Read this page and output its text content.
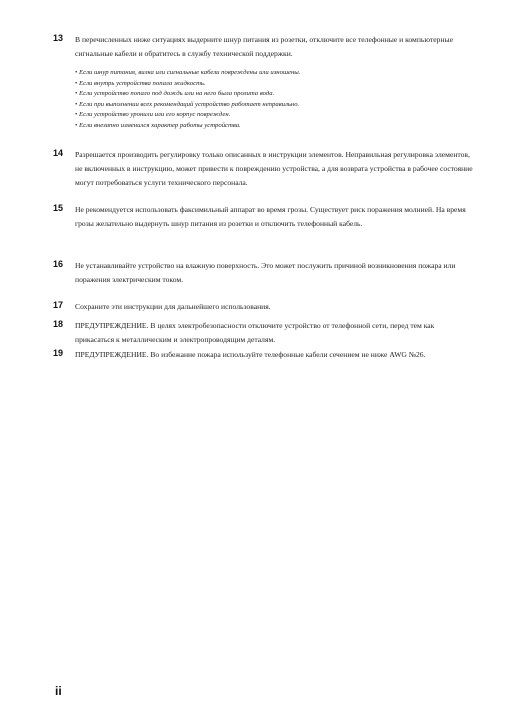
13 В перечисленных ниже ситуациях выдерните шнур питания из розетки, отключите все телефонные и компьютерные сигнальные кабели и обратитесь в службу технической поддержки.

• Если шнур питания, вилка или сигнальные кабели повреждены или изношены.
• Если внутрь устройства попала жидкость.
• Если устройство попало под дождь или на него была пролита вода.
• Если при выполнении всех рекомендаций устройство работает неправильно.
• Если устройство уронили или его корпус поврежден.
• Если внезапно изменился характер работы устройства.
14 Разрешается производить регулировку только описанных в инструкции элементов. Неправильная регулировка элементов, не включенных в инструкцию, может привести к повреждению устройства, а для возврата устройства в рабочее состояние могут потребоваться услуги технического персонала.

15 Не рекомендуется использовать факсимильный аппарат во время грозы. Существует риск поражения молнией. На время грозы желательно выдернуть шнур питания из розетки и отключить телефонный кабель.

16 Не устанавливайте устройство на влажную поверхность. Это может послужить причиной возникновения пожара или поражения электрическим током.

17 Сохраните эти инструкции для дальнейшего использования.

18 ПРЕДУПРЕЖДЕНИЕ. В целях электробезопасности отключите устройство от телефонной сети, перед тем как прикасаться к металлическим и электропроводящим деталям.

19 ПРЕДУПРЕЖДЕНИЕ. Во избежание пожара используйте телефонные кабели сечением не ниже AWG №26.

ii
